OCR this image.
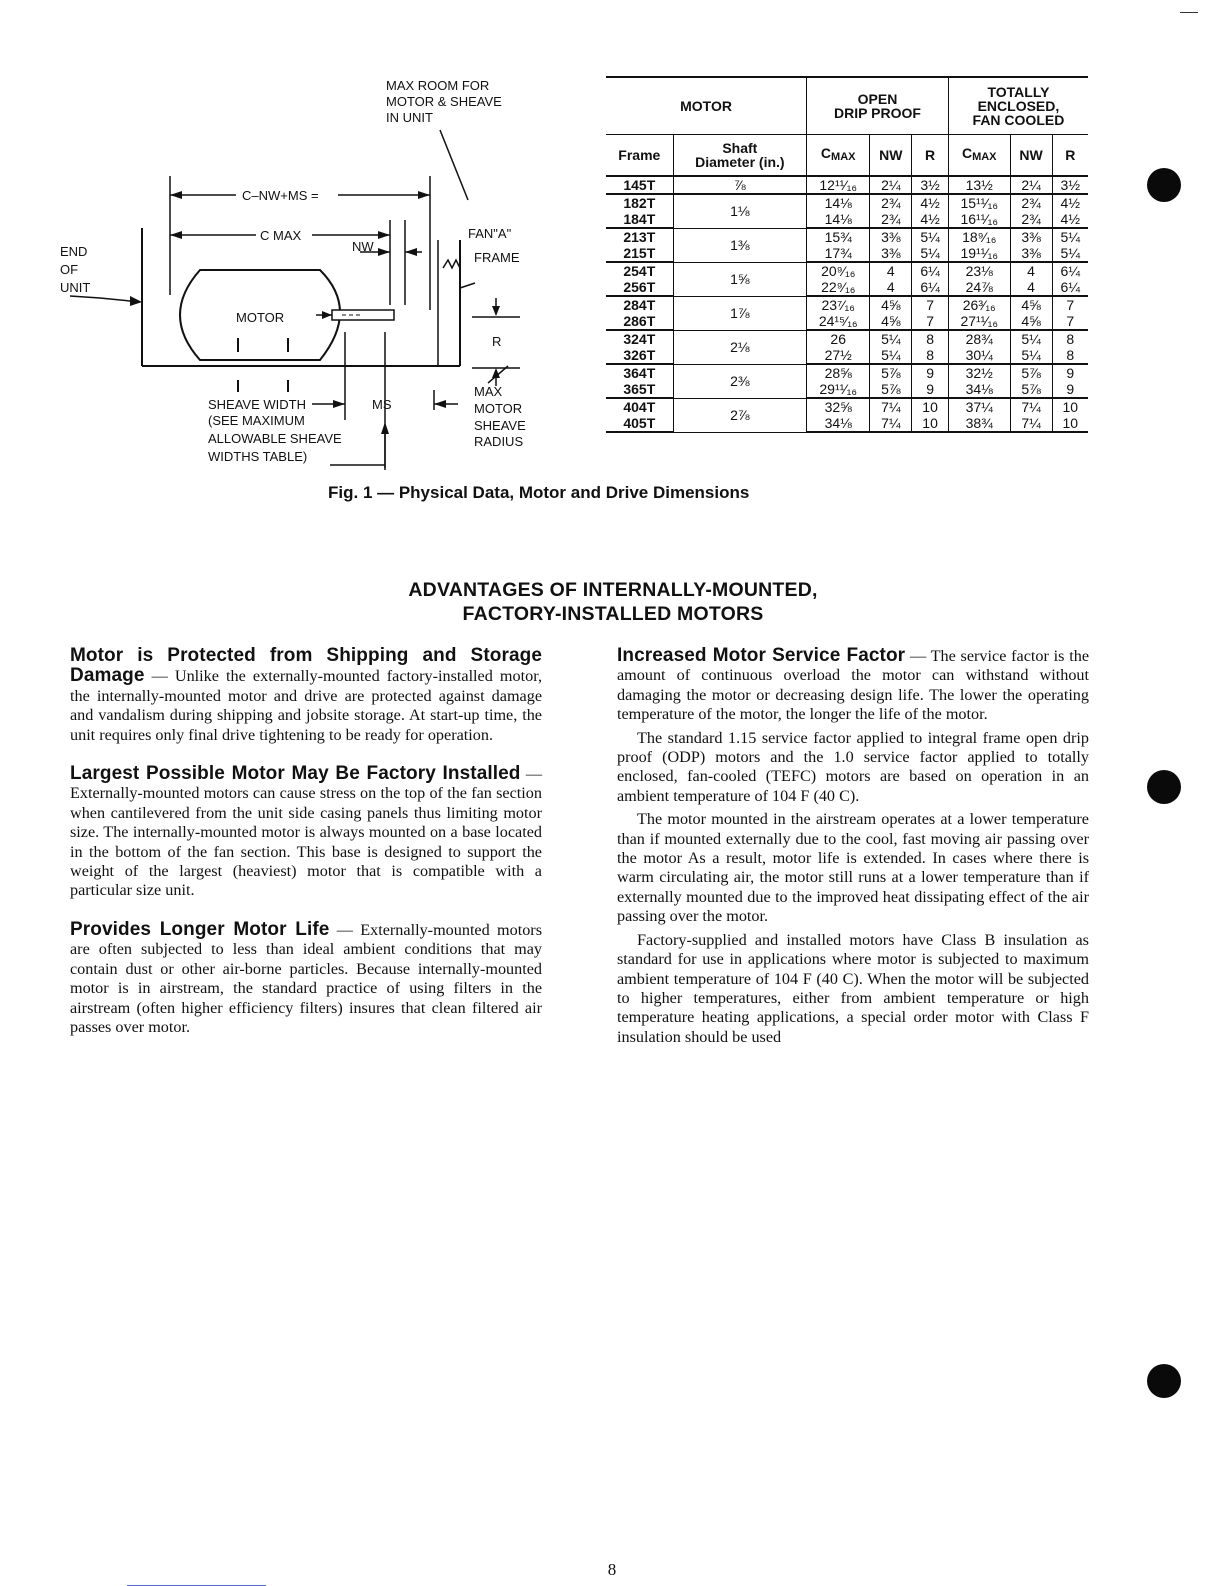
MAX ROOM FOR
MOTOR & SHEAVE
IN UNIT
C–NW+MS =
C MAX
NW
END
OF
UNIT
MOTOR
FAN"A"
FRAME
R
SHEAVE WIDTH
(SEE MAXIMUM
ALLOWABLE SHEAVE
WIDTHS TABLE)
MS
MAX
MOTOR
SHEAVE
RADIUS
MOTOR		OPEN
DRIP PROOF			TOTALLY
ENCLOSED,
FAN COOLED		
Frame	Shaft
Diameter (in.)	CMAX	NW	R	CMAX	NW	R
145T	⅞	12¹¹⁄₁₆	2¼	3½	13½	2¼	3½
182T	1⅛	14⅛	2¾	4½	15¹¹⁄₁₆	2¾	4½
184T		14⅛	2¾	4½	16¹¹⁄₁₆	2¾	4½
213T	1⅜	15¾	3⅜	5¼	18⁹⁄₁₆	3⅜	5¼
215T		17¾	3⅜	5¼	19¹¹⁄₁₆	3⅜	5¼
254T	1⅝	20⁹⁄₁₆	4	6¼	23⅛	4	6¼
256T		22⁹⁄₁₆	4	6¼	24⅞	4	6¼
284T	1⅞	23⁷⁄₁₆	4⅝	7	26³⁄₁₆	4⅝	7
286T		24¹⁵⁄₁₆	4⅝	7	27¹¹⁄₁₆	4⅝	7
324T	2⅛	26	5¼	8	28¾	5¼	8
326T		27½	5¼	8	30¼	5¼	8
364T	2⅜	28⅝	5⅞	9	32½	5⅞	9
365T		29¹¹⁄₁₆	5⅞	9	34⅛	5⅞	9
404T	2⅞	32⅝	7¼	10	37¼	7¼	10
405T		34⅛	7¼	10	38¾	7¼	10
Fig. 1 — Physical Data, Motor and Drive Dimensions
ADVANTAGES OF INTERNALLY-MOUNTED,
FACTORY-INSTALLED MOTORS
Motor is Protected from Shipping and Storage Damage — Unlike the externally-mounted factory-installed motor, the internally-mounted motor and drive are protected against damage and vandalism during shipping and jobsite storage. At start-up time, the unit requires only final drive tightening to be ready for operation.
Largest Possible Motor May Be Factory Installed — Externally-mounted motors can cause stress on the top of the fan section when cantilevered from the unit side casing panels thus limiting motor size. The internally-mounted motor is always mounted on a base located in the bottom of the fan section. This base is designed to support the weight of the largest (heaviest) motor that is compatible with a particular size unit.
Provides Longer Motor Life — Externally-mounted motors are often subjected to less than ideal ambient conditions that may contain dust or other air-borne particles. Because internally-mounted motor is in airstream, the standard practice of using filters in the airstream (often higher efficiency filters) insures that clean filtered air passes over motor.

Increased Motor Service Factor — The service factor is the amount of continuous overload the motor can withstand without damaging the motor or decreasing design life. The lower the operating temperature of the motor, the longer the life of the motor.

The standard 1.15 service factor applied to integral frame open drip proof (ODP) motors and the 1.0 service factor applied to totally enclosed, fan-cooled (TEFC) motors are based on operation in an ambient temperature of 104 F (40 C).

The motor mounted in the airstream operates at a lower temperature than if mounted externally due to the cool, fast moving air passing over the motor As a result, motor life is extended. In cases where there is warm circulating air, the motor still runs at a lower temperature than if externally mounted due to the improved heat dissipating effect of the air passing over the motor.

Factory-supplied and installed motors have Class B insulation as standard for use in applications where motor is subjected to maximum ambient temperature of 104 F (40 C). When the motor will be subjected to higher temperatures, either from ambient temperature or high temperature heating applications, a special order motor with Class F insulation should be used

8
